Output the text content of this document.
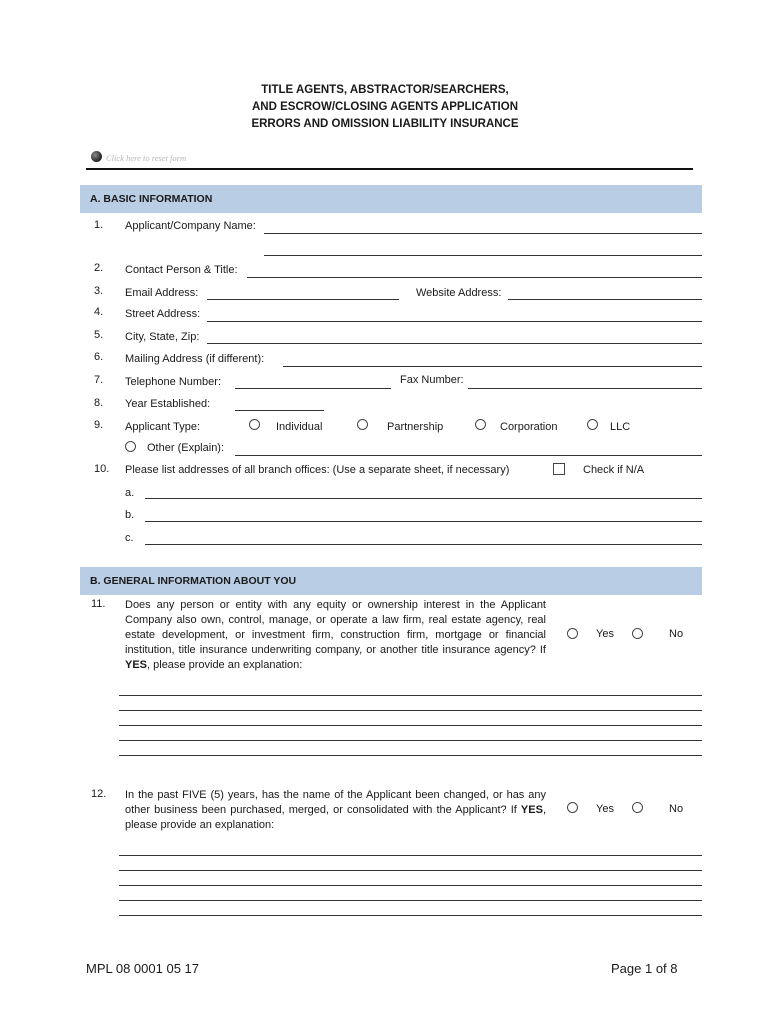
TITLE AGENTS, ABSTRACTOR/SEARCHERS,
AND ESCROW/CLOSING AGENTS APPLICATION
ERRORS AND OMISSION LIABILITY INSURANCE
Click here to reset form
A. BASIC INFORMATION
1. Applicant/Company Name:
2. Contact Person & Title:
3. Email Address:	Website Address:
4. Street Address:
5. City, State, Zip:
6. Mailing Address (if different):
7. Telephone Number:	Fax Number:
8. Year Established:
9. Applicant Type:	Individual	Partnership	Corporation	LLC
Other (Explain):
10. Please list addresses of all branch offices: (Use a separate sheet, if necessary)	Check if N/A
a.
b.
c.
B. GENERAL INFORMATION ABOUT YOU
11. Does any person or entity with any equity or ownership interest in the Applicant Company also own, control, manage, or operate a law firm, real estate agency, real estate development, or investment firm, construction firm, mortgage or financial institution, title insurance underwriting company, or another title insurance agency? If YES, please provide an explanation:
Yes	No
12. In the past FIVE (5) years, has the name of the Applicant been changed, or has any other business been purchased, merged, or consolidated with the Applicant? If YES, please provide an explanation:
Yes	No
MPL 08 0001 05 17	Page 1 of 8
